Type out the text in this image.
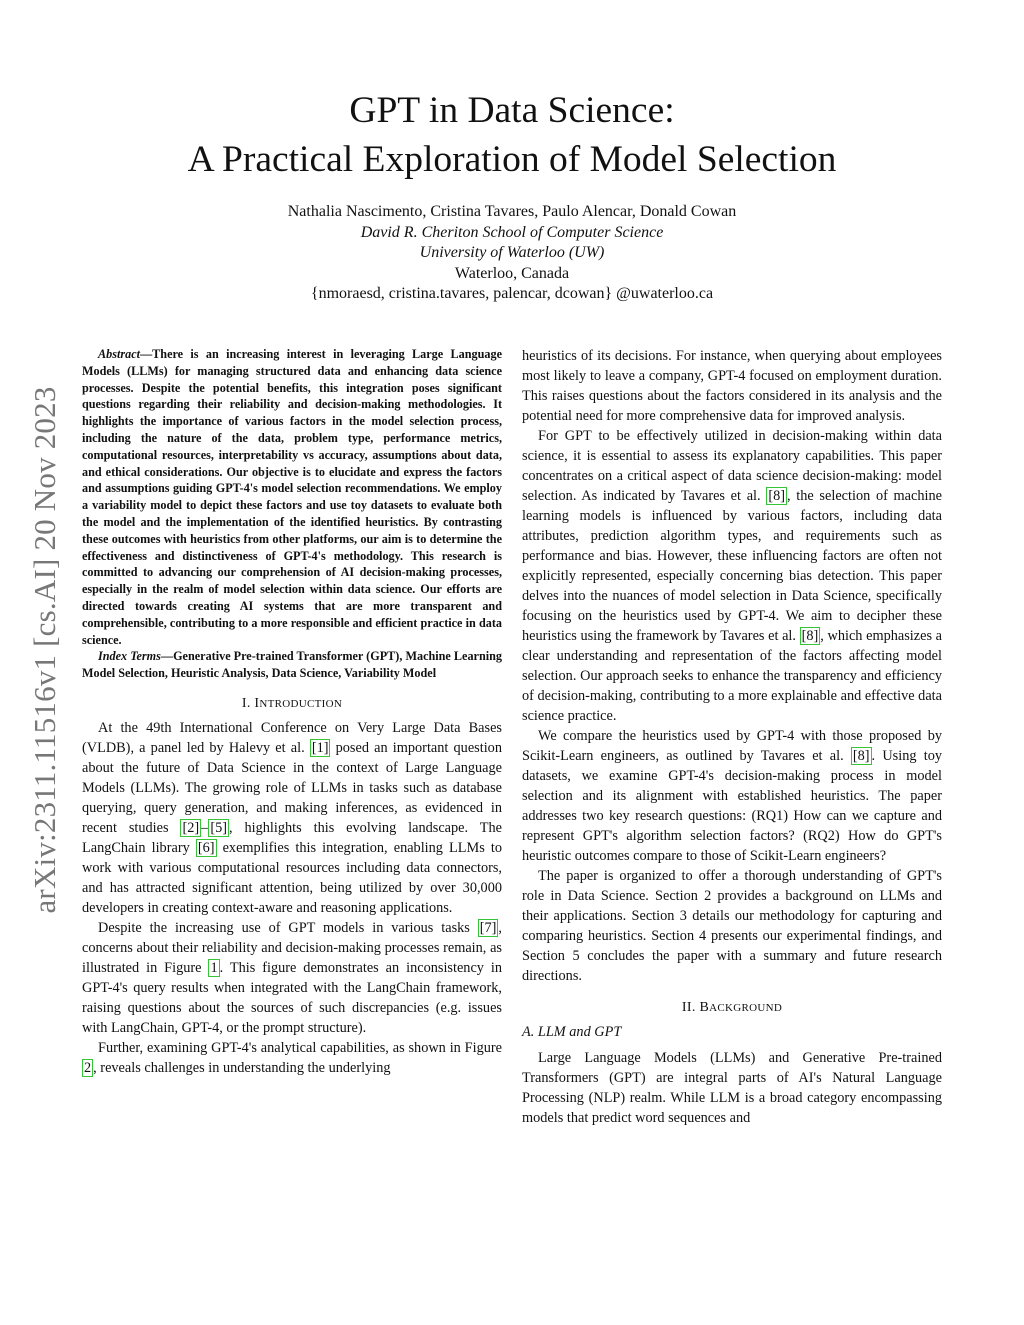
GPT in Data Science:
A Practical Exploration of Model Selection
Nathalia Nascimento, Cristina Tavares, Paulo Alencar, Donald Cowan
David R. Cheriton School of Computer Science
University of Waterloo (UW)
Waterloo, Canada
{nmoraesd, cristina.tavares, palencar, dcowan} @uwaterloo.ca
arXiv:2311.11516v1 [cs.AI] 20 Nov 2023

Abstract—There is an increasing interest in leveraging Large Language Models (LLMs) for managing structured data and enhancing data science processes. Despite the potential benefits, this integration poses significant questions regarding their reliability and decision-making methodologies. It highlights the importance of various factors in the model selection process, including the nature of the data, problem type, performance metrics, computational resources, interpretability vs accuracy, assumptions about data, and ethical considerations. Our objective is to elucidate and express the factors and assumptions guiding GPT-4's model selection recommendations. We employ a variability model to depict these factors and use toy datasets to evaluate both the model and the implementation of the identified heuristics. By contrasting these outcomes with heuristics from other platforms, our aim is to determine the effectiveness and distinctiveness of GPT-4's methodology. This research is committed to advancing our comprehension of AI decision-making processes, especially in the realm of model selection within data science. Our efforts are directed towards creating AI systems that are more transparent and comprehensible, contributing to a more responsible and efficient practice in data science.

Index Terms—Generative Pre-trained Transformer (GPT), Machine Learning Model Selection, Heuristic Analysis, Data Science, Variability Model

I. INTRODUCTION

At the 49th International Conference on Very Large Data Bases (VLDB), a panel led by Halevy et al. [1] posed an important question about the future of Data Science in the context of Large Language Models (LLMs). The growing role of LLMs in tasks such as database querying, query generation, and making inferences, as evidenced in recent studies [2] – [5] , highlights this evolving landscape. The LangChain library [6] exemplifies this integration, enabling LLMs to work with various computational resources including data connectors, and has attracted significant attention, being utilized by over 30,000 developers in creating context-aware and reasoning applications.

Despite the increasing use of GPT models in various tasks [7] , concerns about their reliability and decision-making processes remain, as illustrated in Figure 1 . This figure demonstrates an inconsistency in GPT-4's query results when integrated with the LangChain framework, raising questions about the sources of such discrepancies (e.g. issues with LangChain, GPT-4, or the prompt structure).

Further, examining GPT-4's analytical capabilities, as shown in Figure 2 , reveals challenges in understanding the underlying

heuristics of its decisions. For instance, when querying about employees most likely to leave a company, GPT-4 focused on employment duration. This raises questions about the factors considered in its analysis and the potential need for more comprehensive data for improved analysis.

For GPT to be effectively utilized in decision-making within data science, it is essential to assess its explanatory capabilities. This paper concentrates on a critical aspect of data science decision-making: model selection. As indicated by Tavares et al. [8] , the selection of machine learning models is influenced by various factors, including data attributes, prediction algorithm types, and requirements such as performance and bias. However, these influencing factors are often not explicitly represented, especially concerning bias detection. This paper delves into the nuances of model selection in Data Science, specifically focusing on the heuristics used by GPT-4. We aim to decipher these heuristics using the framework by Tavares et al. [8] , which emphasizes a clear understanding and representation of the factors affecting model selection. Our approach seeks to enhance the transparency and efficiency of decision-making, contributing to a more explainable and effective data science practice.

We compare the heuristics used by GPT-4 with those proposed by Scikit-Learn engineers, as outlined by Tavares et al. [8] . Using toy datasets, we examine GPT-4's decision-making process in model selection and its alignment with established heuristics. The paper addresses two key research questions: (RQ1) How can we capture and represent GPT's algorithm selection factors? (RQ2) How do GPT's heuristic outcomes compare to those of Scikit-Learn engineers?

The paper is organized to offer a thorough understanding of GPT's role in Data Science. Section 2 provides a background on LLMs and their applications. Section 3 details our methodology for capturing and comparing heuristics. Section 4 presents our experimental findings, and Section 5 concludes the paper with a summary and future research directions.

II. BACKGROUND

A. LLM and GPT

Large Language Models (LLMs) and Generative Pre-trained Transformers (GPT) are integral parts of AI's Natural Language Processing (NLP) realm. While LLM is a broad category encompassing models that predict word sequences and
